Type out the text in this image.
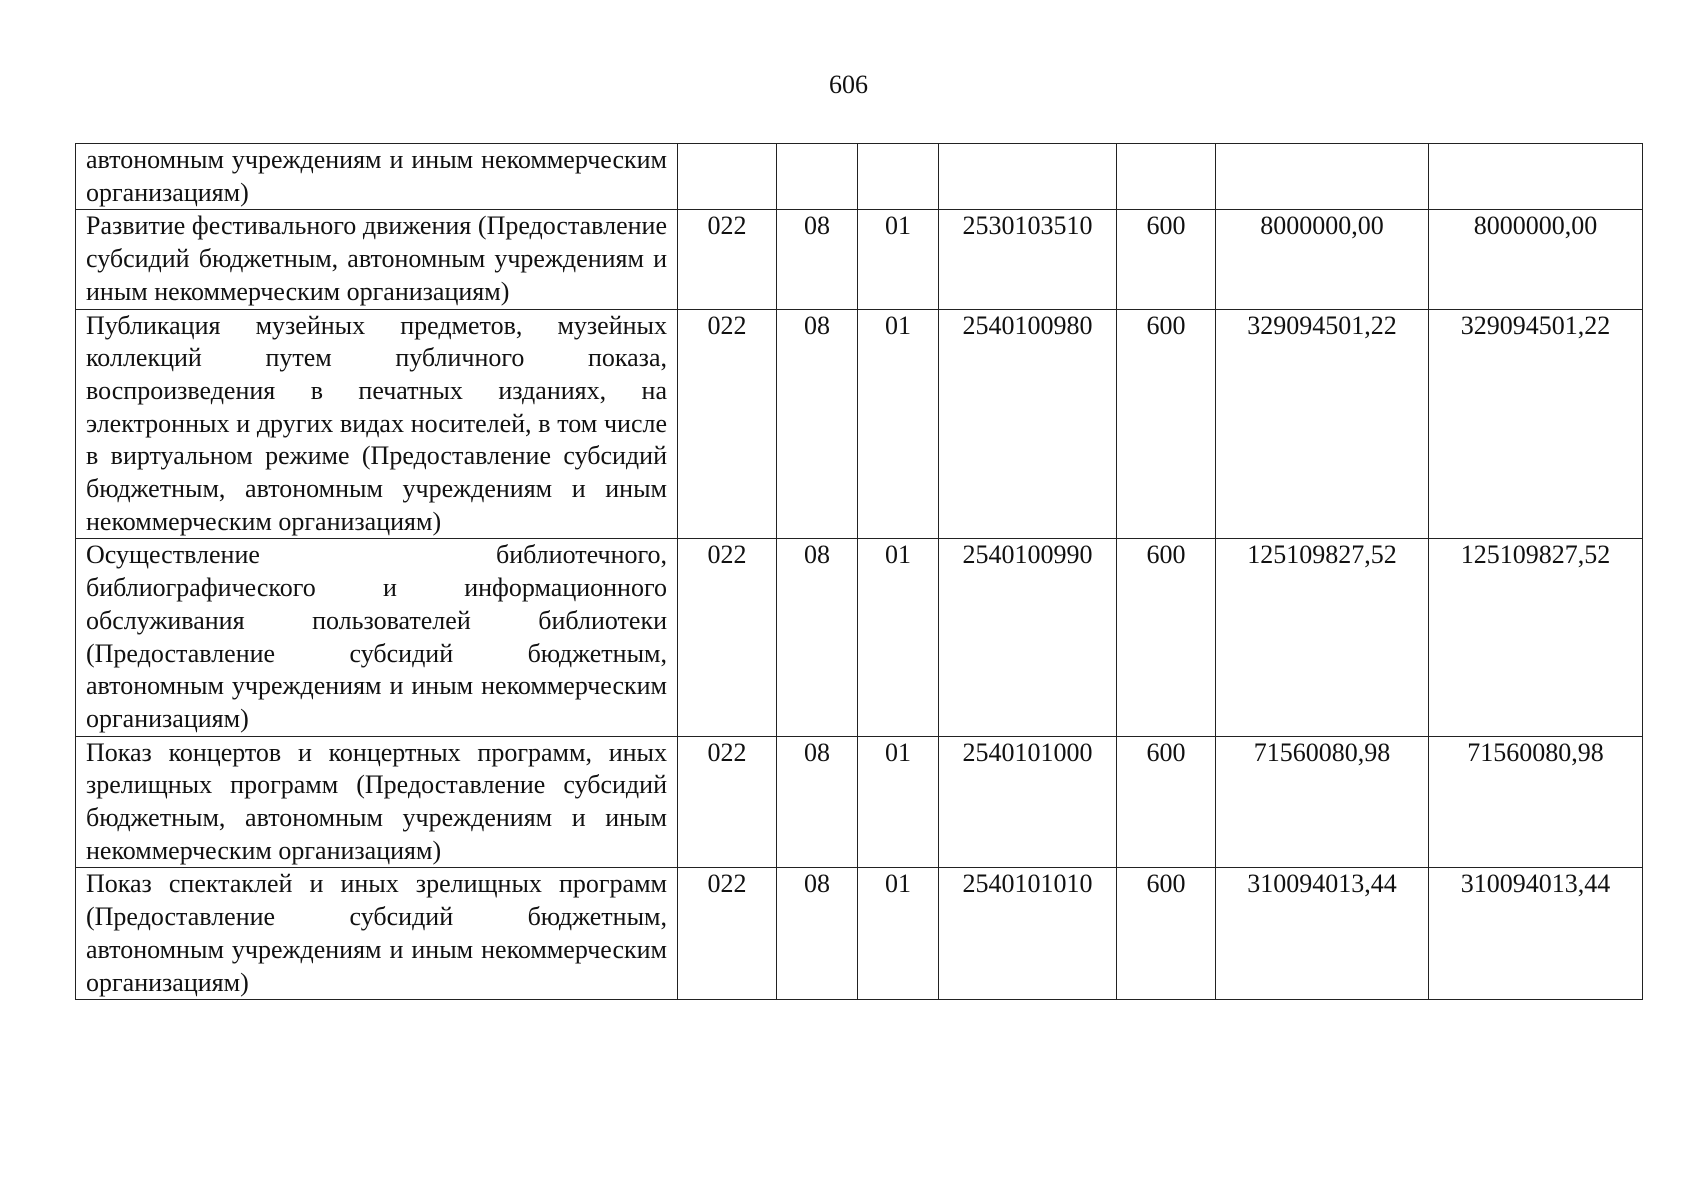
606
автономным учреждениям и иным некоммерческим организациям)							
Развитие фестивального движения (Предоставление субсидий бюджетным, автономным учреждениям и иным некоммерческим организациям)	022	08	01	2530103510	600	8000000,00	8000000,00
Публикация музейных предметов, музейных коллекций путем публичного показа, воспроизведения в печатных изданиях, на электронных и других видах носителей, в том числе в виртуальном режиме (Предоставление субсидий бюджетным, автономным учреждениям и иным некоммерческим организациям)	022	08	01	2540100980	600	329094501,22	329094501,22
Осуществление библиотечного, библиографического и информационного обслуживания пользователей библиотеки (Предоставление субсидий бюджетным, автономным учреждениям и иным некоммерческим организациям)	022	08	01	2540100990	600	125109827,52	125109827,52
Показ концертов и концертных программ, иных зрелищных программ (Предоставление субсидий бюджетным, автономным учреждениям и иным некоммерческим организациям)	022	08	01	2540101000	600	71560080,98	71560080,98
Показ спектаклей и иных зрелищных программ (Предоставление субсидий бюджетным, автономным учреждениям и иным некоммерческим организациям)	022	08	01	2540101010	600	310094013,44	310094013,44
